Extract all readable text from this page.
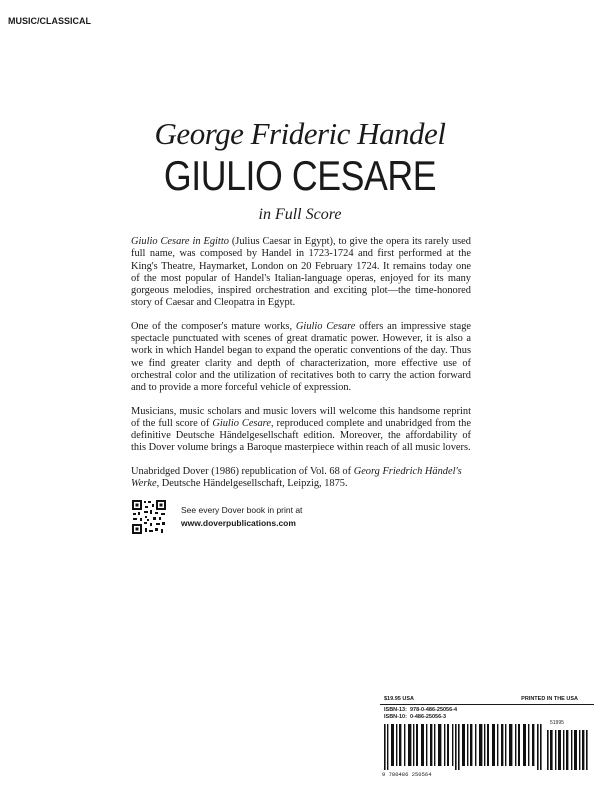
MUSIC/CLASSICAL
George Frideric Handel
GIULIO CESARE
in Full Score

Giulio Cesare in Egitto (Julius Caesar in Egypt), to give the opera its rarely used full name, was composed by Handel in 1723-1724 and first performed at the King's Theatre, Haymarket, London on 20 February 1724. It remains today one of the most popular of Handel's Italian-language operas, enjoyed for its many gorgeous melodies, inspired orchestration and exciting plot—the time-honored story of Caesar and Cleopatra in Egypt.

One of the composer's mature works, Giulio Cesare offers an impressive stage spectacle punctuated with scenes of great dramatic power. However, it is also a work in which Handel began to expand the operatic conventions of the day. Thus we find greater clarity and depth of characterization, more effective use of orchestral color and the utilization of recitatives both to carry the action forward and to provide a more forceful vehicle of expression.

Musicians, music scholars and music lovers will welcome this handsome reprint of the full score of Giulio Cesare, reproduced complete and unabridged from the definitive Deutsche Händelgesellschaft edition. Moreover, the affordability of this Dover volume brings a Baroque masterpiece within reach of all music lovers.

Unabridged Dover (1986) republication of Vol. 68 of Georg Friedrich Händel's Werke, Deutsche Händelgesellschaft, Leipzig, 1875.

See every Dover book in print at
www.doverpublications.com
$19.95 USA	PRINTED IN THE USA
ISBN-13:  978-0-486-25056-4
ISBN-10:  0-486-25056-3
51995
9 780486 250564
